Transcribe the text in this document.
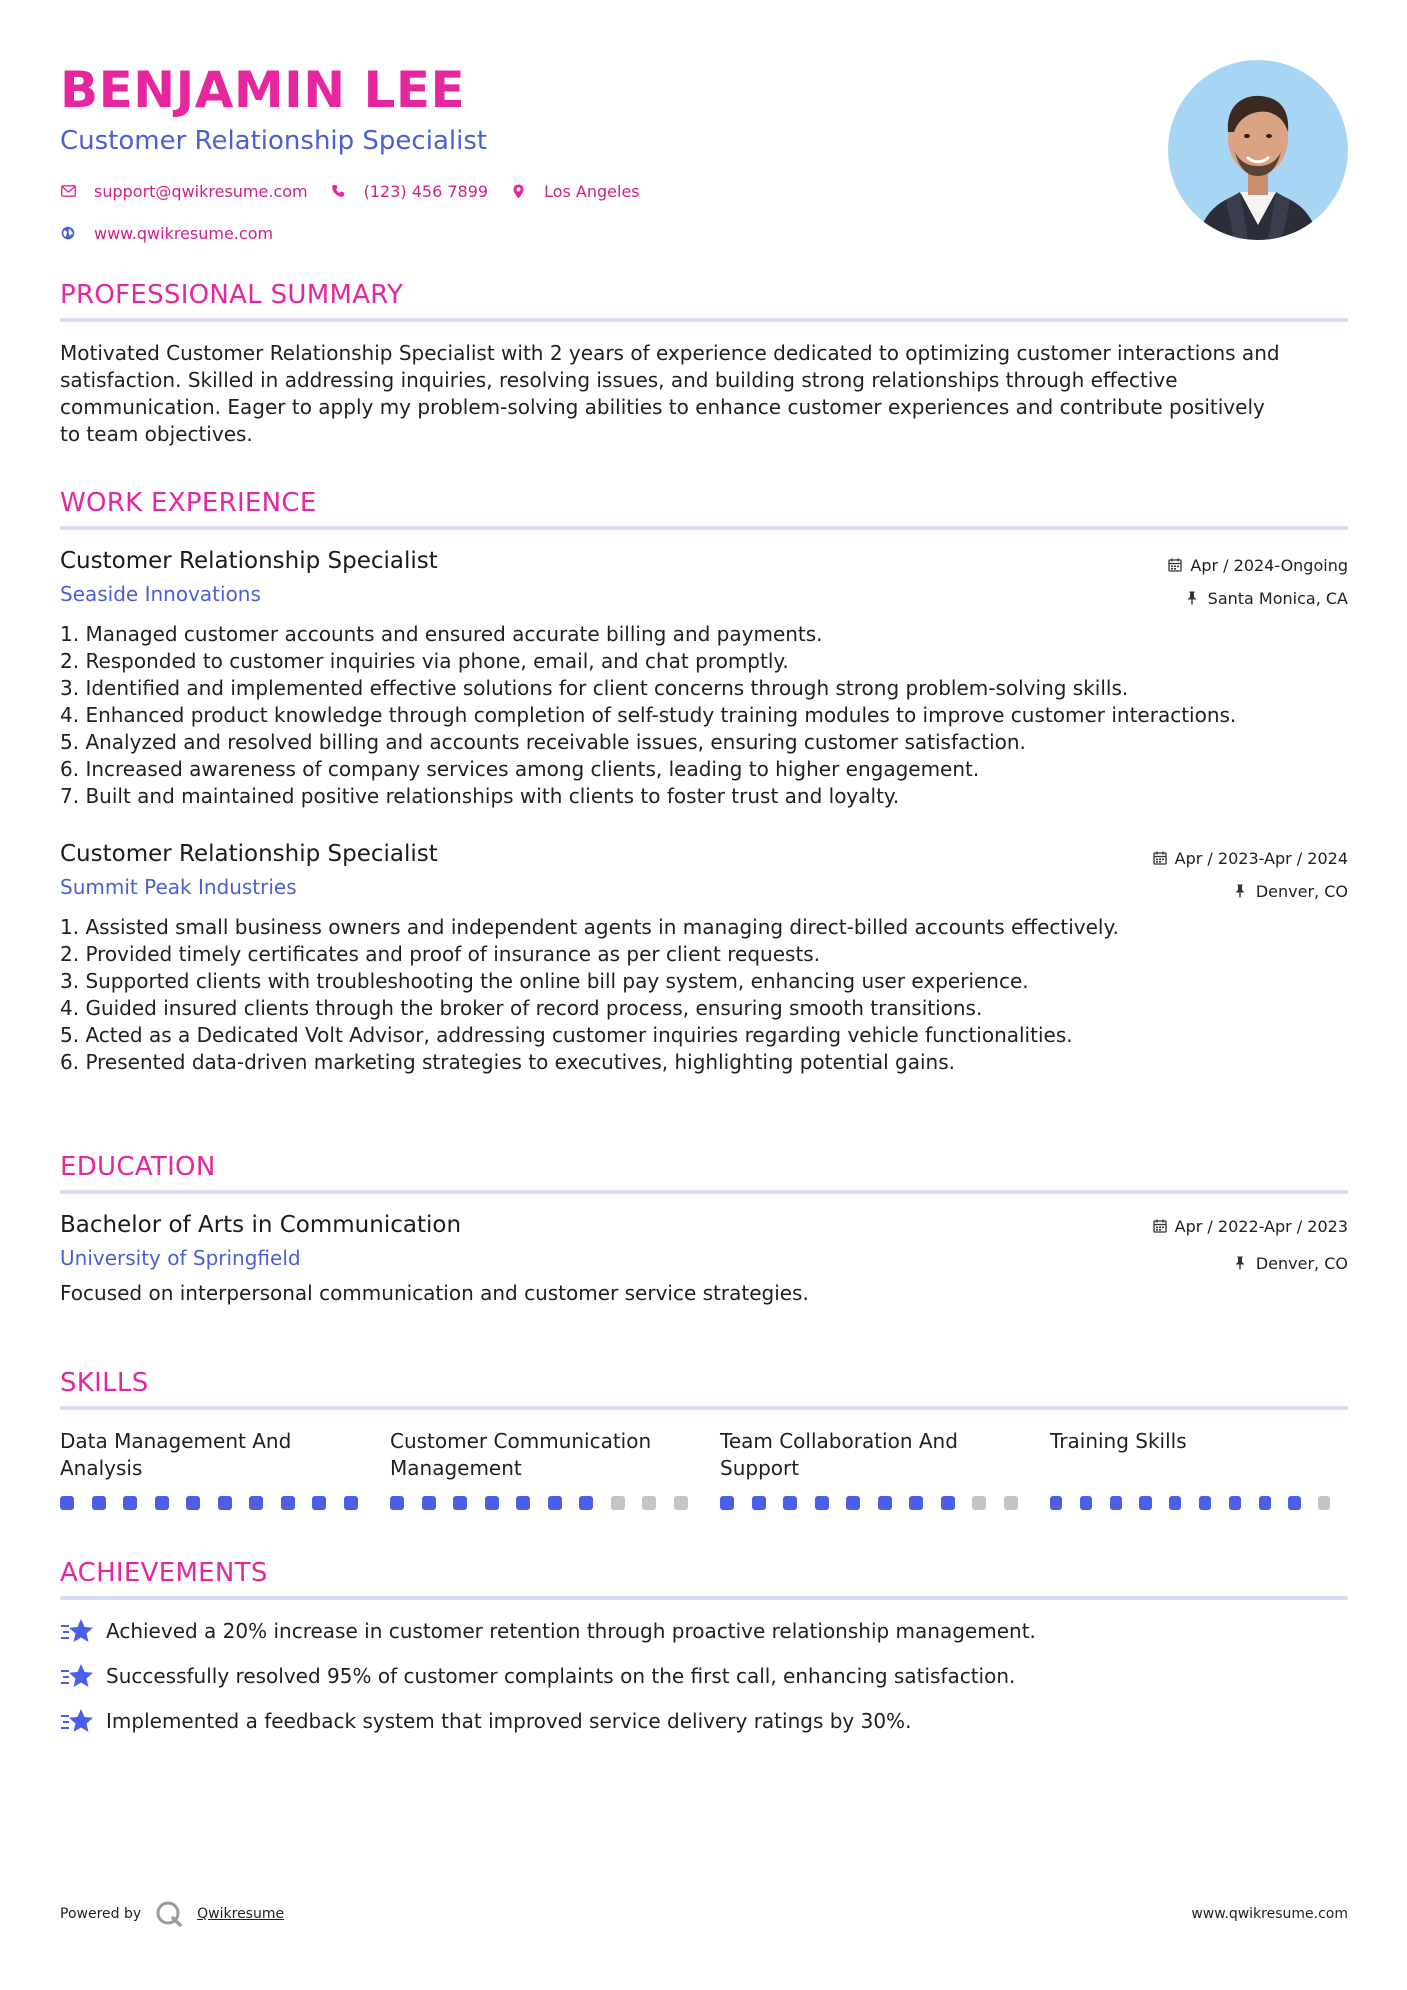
BENJAMIN LEE
Customer Relationship Specialist
support@qwikresume.com	(123) 456 7899	Los Angeles
www.qwikresume.com
PROFESSIONAL SUMMARY
Motivated Customer Relationship Specialist with 2 years of experience dedicated to optimizing customer interactions and
satisfaction. Skilled in addressing inquiries, resolving issues, and building strong relationships through effective
communication. Eager to apply my problem-solving abilities to enhance customer experiences and contribute positively
to team objectives.
WORK EXPERIENCE
Customer Relationship Specialist
Seaside Innovations
Apr / 2024-Ongoing
Santa Monica, CA
1. Managed customer accounts and ensured accurate billing and payments.
2. Responded to customer inquiries via phone, email, and chat promptly.
3. Identified and implemented effective solutions for client concerns through strong problem-solving skills.
4. Enhanced product knowledge through completion of self-study training modules to improve customer interactions.
5. Analyzed and resolved billing and accounts receivable issues, ensuring customer satisfaction.
6. Increased awareness of company services among clients, leading to higher engagement.
7. Built and maintained positive relationships with clients to foster trust and loyalty.
Customer Relationship Specialist
Summit Peak Industries
Apr / 2023-Apr / 2024
Denver, CO
1. Assisted small business owners and independent agents in managing direct-billed accounts effectively.
2. Provided timely certificates and proof of insurance as per client requests.
3. Supported clients with troubleshooting the online bill pay system, enhancing user experience.
4. Guided insured clients through the broker of record process, ensuring smooth transitions.
5. Acted as a Dedicated Volt Advisor, addressing customer inquiries regarding vehicle functionalities.
6. Presented data-driven marketing strategies to executives, highlighting potential gains.
EDUCATION
Bachelor of Arts in Communication
University of Springfield
Apr / 2022-Apr / 2023
Denver, CO
Focused on interpersonal communication and customer service strategies.
SKILLS
Data Management And Analysis
Customer Communication Management
Team Collaboration And Support
Training Skills
ACHIEVEMENTS
Achieved a 20% increase in customer retention through proactive relationship management.
Successfully resolved 95% of customer complaints on the first call, enhancing satisfaction.
Implemented a feedback system that improved service delivery ratings by 30%.
Powered by	Qwikresume	www.qwikresume.com
